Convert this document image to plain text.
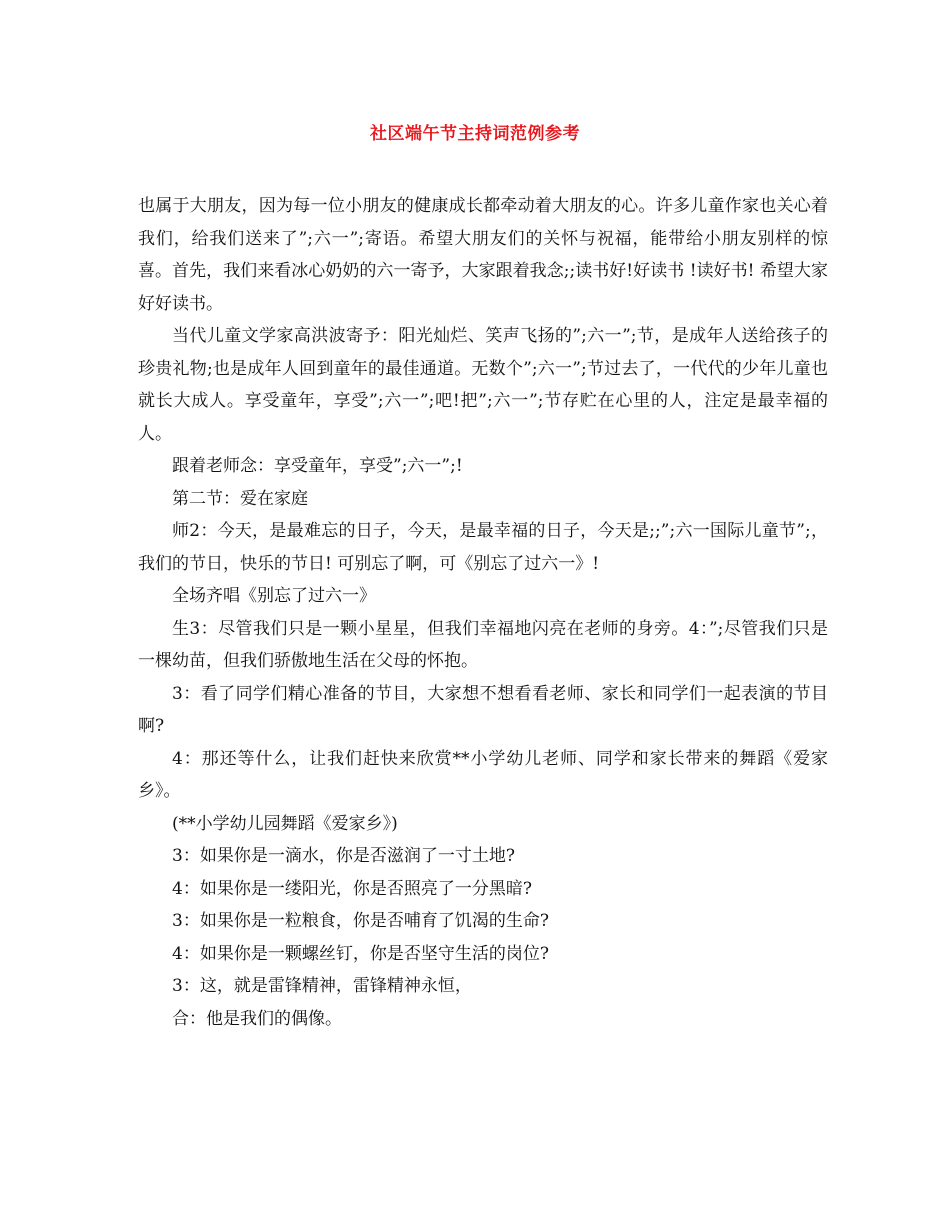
社区端午节主持词范例参考

也属于大朋友，因为每一位小朋友的健康成长都牵动着大朋友的心。许多儿童作家也关心着我们，给我们送来了”;六一”;寄语。希望大朋友们的关怀与祝福，能带给小朋友别样的惊喜。首先，我们来看冰心奶奶的六一寄予，大家跟着我念;;读书好!好读书 !读好书! 希望大家好好读书。

当代儿童文学家高洪波寄予：阳光灿烂、笑声飞扬的”;六一”;节，是成年人送给孩子的珍贵礼物;也是成年人回到童年的最佳通道。无数个”;六一”;节过去了，一代代的少年儿童也就长大成人。享受童年，享受”;六一”;吧!把”;六一”;节存贮在心里的人，注定是最幸福的人。

跟着老师念：享受童年，享受”;六一”;!

第二节：爱在家庭

师2：今天，是最难忘的日子，今天，是最幸福的日子，今天是;;”;六一国际儿童节”;，我们的节日，快乐的节日! 可别忘了啊，可《别忘了过六一》!

全场齐唱《别忘了过六一》

生3：尽管我们只是一颗小星星，但我们幸福地闪亮在老师的身旁。4：”;尽管我们只是一棵幼苗，但我们骄傲地生活在父母的怀抱。

3：看了同学们精心准备的节目，大家想不想看看老师、家长和同学们一起表演的节目啊?

4：那还等什么，让我们赶快来欣赏**小学幼儿老师、同学和家长带来的舞蹈《爱家乡》。

(**小学幼儿园舞蹈《爱家乡》)

3：如果你是一滴水，你是否滋润了一寸土地?

4：如果你是一缕阳光，你是否照亮了一分黑暗?

3：如果你是一粒粮食，你是否哺育了饥渴的生命?

4：如果你是一颗螺丝钉，你是否坚守生活的岗位?

3：这，就是雷锋精神，雷锋精神永恒，

合：他是我们的偶像。
